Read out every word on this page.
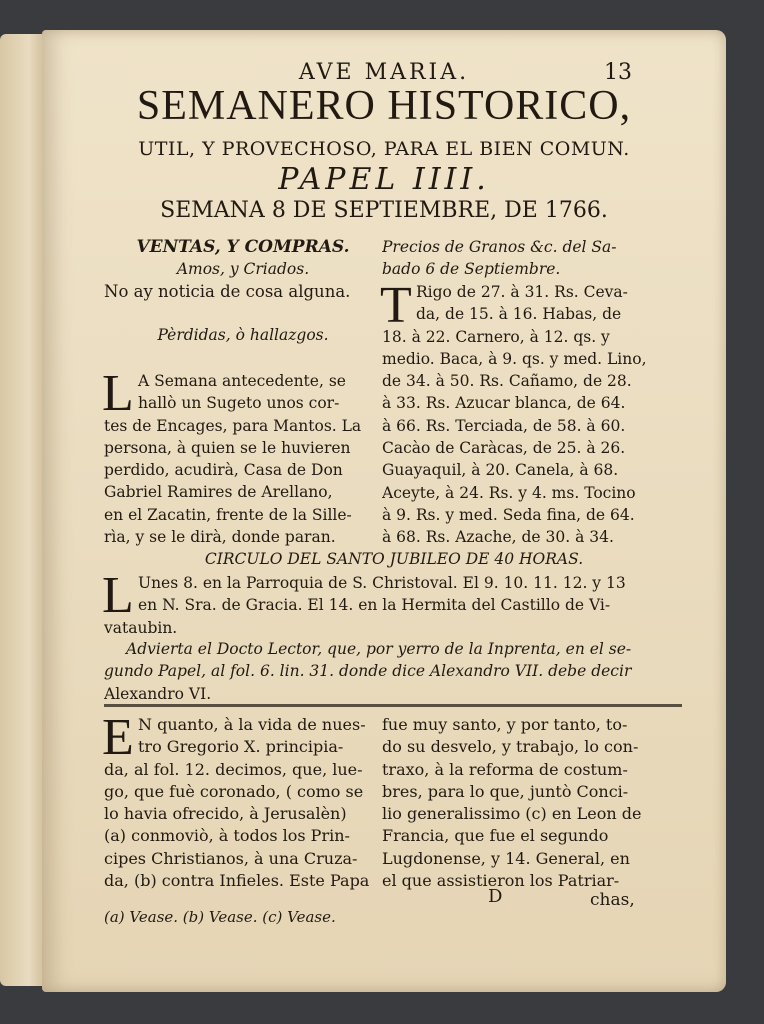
AVE MARIA.	13
SEMANERO HISTORICO,
UTIL, Y PROVECHOSO, PARA EL BIEN COMUN.
PAPEL IIII.
SEMANA 8 DE SEPTIEMBRE, DE 1766.
VENTAS, Y COMPRAS.
Amos, y Criados.
No ay noticia de cosa alguna.
Pèrdidas, ò hallazgos.
L A Semana antecedente, se
hallò un Sugeto unos cor-
tes de Encages, para Mantos. La
persona, à quien se le huvieren
perdido, acudirà, Casa de Don
Gabriel Ramires de Arellano,
en el Zacatin, frente de la Sille-
rìa, y se le dirà, donde paran.
Precios de Granos &c. del Sa-
bado 6 de Septiembre.
T Rigo de 27. à 31. Rs. Ceva-
da, de 15. à 16. Habas, de
18. à 22. Carnero, à 12. qs. y
medio. Baca, à 9. qs. y med. Lino,
de 34. à 50. Rs. Cañamo, de 28.
à 33. Rs. Azucar blanca, de 64.
à 66. Rs. Terciada, de 58. à 60.
Cacào de Caràcas, de 25. à 26.
Guayaquil, à 20. Canela, à 68.
Aceyte, à 24. Rs. y 4. ms. Tocino
à 9. Rs. y med. Seda fina, de 64.
à 68. Rs. Azache, de 30. à 34.
CIRCULO DEL SANTO JUBILEO DE 40 HORAS.
L Unes 8. en la Parroquia de S. Christoval. El 9. 10. 11. 12. y 13
en N. Sra. de Gracia. El 14. en la Hermita del Castillo de Vi-
vataubin.
Advierta el Docto Lector, que, por yerro de la Inprenta, en el se-
gundo Papel, al fol. 6. lin. 31. donde dice Alexandro VII. debe decir
Alexandro VI.
E N quanto, à la vida de nues-
tro Gregorio X. principia-
da, al fol. 12. decimos, que, lue-
go, que fuè coronado, ( como se
lo havia ofrecido, à Jerusalèn)
(a) conmoviò, à todos los Prin-
cipes Christianos, à una Cruza-
da, (b) contra Infieles. Este Papa
fue muy santo, y por tanto, to-
do su desvelo, y trabajo, lo con-
traxo, à la reforma de costum-
bres, para lo que, juntò Conci-
lio generalissimo (c) en Leon de
Francia, que fue el segundo
Lugdonense, y 14. General, en
el que assistieron los Patriar-
D	chas,
(a) Vease. (b) Vease. (c) Vease.
